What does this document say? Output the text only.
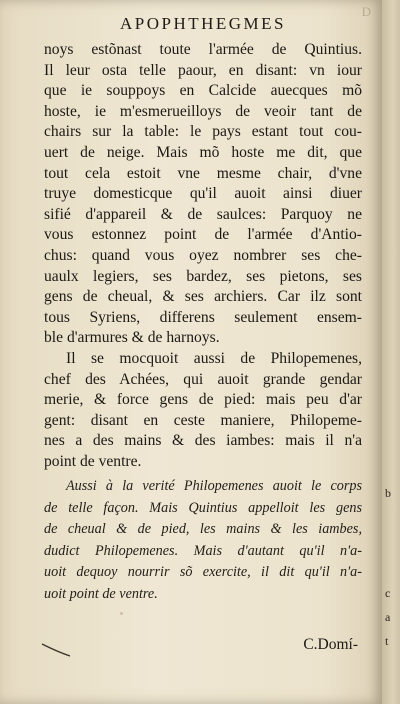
D
APOPHTHEGMES
noys estõnast toute l'armée de Quintius.
Il leur osta telle paour, en disant: vn iour
que ie souppoys en Calcide auecques mõ
hoste, ie m'esmerueilloys de veoir tant de
chairs sur la table: le pays estant tout cou-
uert de neige. Mais mõ hoste me dit, que
tout cela estoit vne mesme chair, d'vne
truye domesticque qu'il auoit ainsi diuer
sifié d'appareil & de saulces: Parquoy ne
vous estonnez point de l'armée d'Antio-
chus: quand vous oyez nombrer ses che-
uaulx legiers, ses bardez, ses pietons, ses
gens de cheual, & ses archiers. Car ilz sont
tous Syriens, differens seulement ensem-
ble d'armures & de harnoys.
Il se mocquoit aussi de Philopemenes,
chef des Achées, qui auoit grande gendar
merie, & force gens de pied: mais peu d'ar
gent: disant en ceste maniere, Philopeme-
nes a des mains & des iambes: mais il n'a
point de ventre.
Aussi à la verité Philopemenes auoit le corps
de telle façon. Mais Quintius appelloit les gens
de cheual & de pied, les mains & les iambes,
dudict Philopemenes. Mais d'autant qu'il n'a-
uoit dequoy nourrir sõ exercite, il dit qu'il n'a-
uoit point de ventre.
C.Domí-
b
c
a
t
